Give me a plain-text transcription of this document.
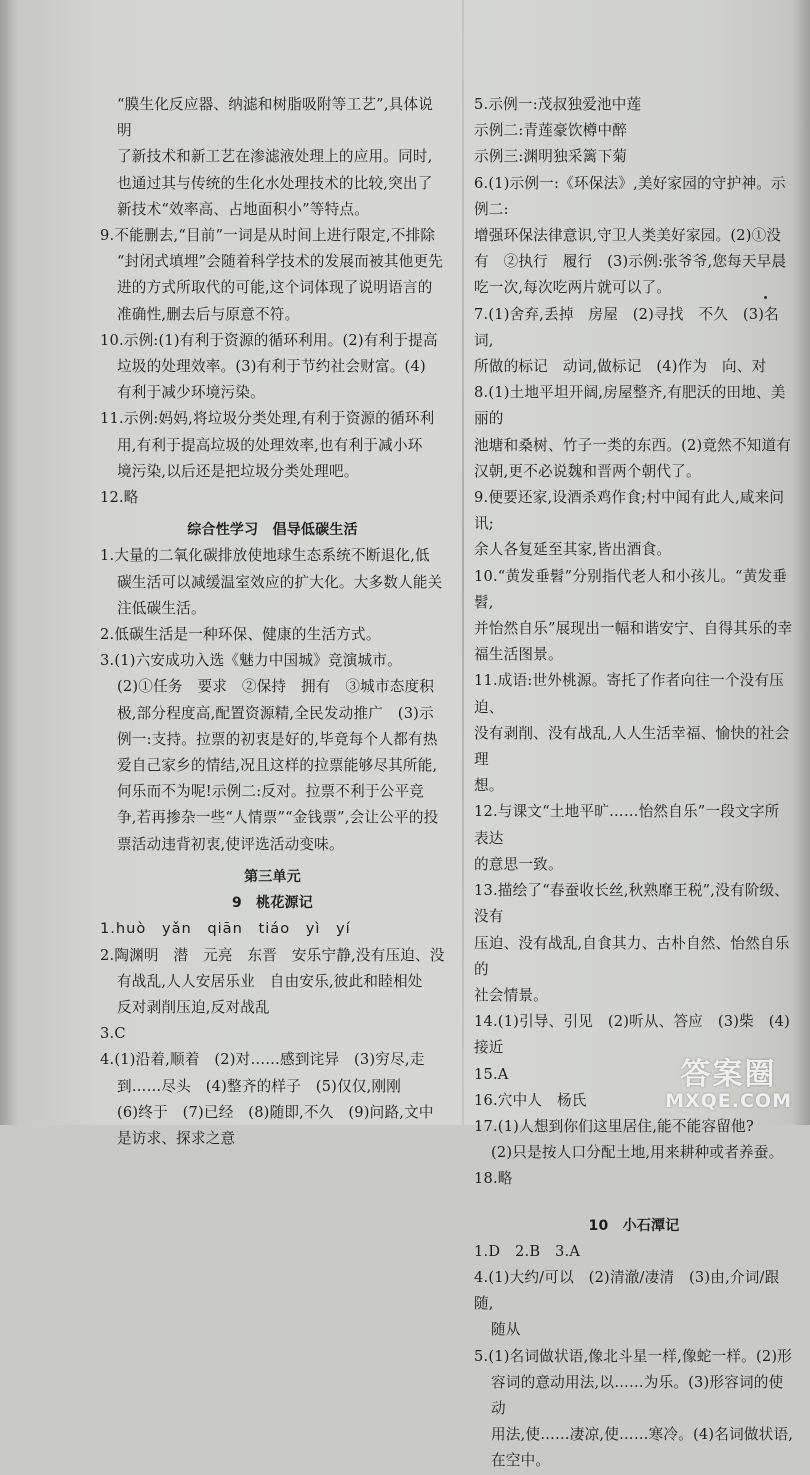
“膜生化反应器、纳滤和树脂吸附等工艺”,具体说明
了新技术和新工艺在渗滤液处理上的应用。同时,
也通过其与传统的生化水处理技术的比较,突出了
新技术“效率高、占地面积小”等特点。
9.不能删去,“目前”一词是从时间上进行限定,不排除
“封闭式填埋”会随着科学技术的发展而被其他更先
进的方式所取代的可能,这个词体现了说明语言的
准确性,删去后与原意不符。
10.示例:(1)有利于资源的循环利用。(2)有利于提高
垃圾的处理效率。(3)有利于节约社会财富。(4)
有利于减少环境污染。
11.示例:妈妈,将垃圾分类处理,有利于资源的循环利
用,有利于提高垃圾的处理效率,也有利于减小环
境污染,以后还是把垃圾分类处理吧。
12.略
综合性学习　倡导低碳生活
1.大量的二氧化碳排放使地球生态系统不断退化,低
碳生活可以减缓温室效应的扩大化。大多数人能关
注低碳生活。
2.低碳生活是一种环保、健康的生活方式。
3.(1)六安成功入选《魅力中国城》竞演城市。
(2)①任务　要求　②保持　拥有　③城市态度积
极,部分程度高,配置资源精,全民发动推广　(3)示
例一:支持。拉票的初衷是好的,毕竟每个人都有热
爱自己家乡的情结,况且这样的拉票能够尽其所能,
何乐而不为呢!示例二:反对。拉票不利于公平竞
争,若再掺杂一些“人情票”“金钱票”,会让公平的投
票活动违背初衷,使评选活动变味。
第三单元
9　桃花源记
1.huò　yǎn　qiān　tiáo　yì　yí
2.陶渊明　潜　元亮　东晋　安乐宁静,没有压迫、没
有战乱,人人安居乐业　自由安乐,彼此和睦相处
反对剥削压迫,反对战乱
3.C
4.(1)沿着,顺着　(2)对……感到诧异　(3)穷尽,走
到……尽头　(4)整齐的样子　(5)仅仅,刚刚
(6)终于　(7)已经　(8)随即,不久　(9)问路,文中
是访求、探求之意
5.示例一:茂叔独爱池中莲
示例二:青莲豪饮樽中醉
示例三:渊明独采篱下菊
6.(1)示例一:《环保法》,美好家园的守护神。示例二:
增强环保法律意识,守卫人类美好家园。(2)①没
有　②执行　履行　(3)示例:张爷爷,您每天早晨
吃一次,每次吃两片就可以了。
7.(1)舍弃,丢掉　房屋　(2)寻找　不久　(3)名词,
所做的标记　动词,做标记　(4)作为　向、对
8.(1)土地平坦开阔,房屋整齐,有肥沃的田地、美丽的
池塘和桑树、竹子一类的东西。(2)竟然不知道有
汉朝,更不必说魏和晋两个朝代了。
9.便要还家,设酒杀鸡作食;村中闻有此人,咸来问讯;
余人各复延至其家,皆出酒食。
10.“黄发垂髫”分别指代老人和小孩儿。“黄发垂髫,
并怡然自乐”展现出一幅和谐安宁、自得其乐的幸
福生活图景。
11.成语:世外桃源。寄托了作者向往一个没有压迫、
没有剥削、没有战乱,人人生活幸福、愉快的社会理
想。
12.与课文“土地平旷……怡然自乐”一段文字所表达
的意思一致。
13.描绘了“春蚕收长丝,秋熟靡王税”,没有阶级、没有
压迫、没有战乱,自食其力、古朴自然、怡然自乐的
社会情景。
14.(1)引导、引见　(2)听从、答应　(3)柴　(4)接近
15.A
16.穴中人　杨氏
17.(1)人想到你们这里居住,能不能容留他?
(2)只是按人口分配土地,用来耕种或者养蚕。
18.略
10　小石潭记
1.D　2.B　3.A
4.(1)大约/可以　(2)清澈/凄清　(3)由,介词/跟随,
随从
5.(1)名词做状语,像北斗星一样,像蛇一样。(2)形
容词的意动用法,以……为乐。(3)形容词的使动
用法,使……凄凉,使……寒冷。(4)名词做状语,
在空中。
答案圈
MXQE.COM
